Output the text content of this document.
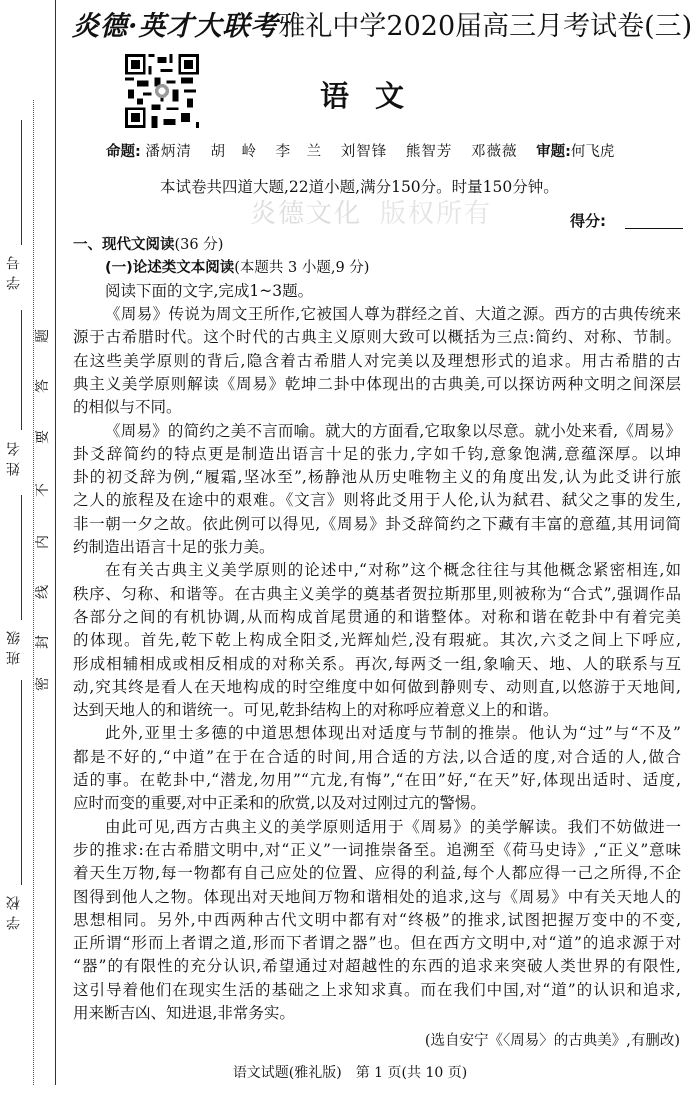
学号
姓名
班级
学校
题
答
要
不
内
线
封
密
炎德·英才大联考雅礼中学2020届高三月考试卷(三)
语文
命题: 潘炳清 胡　岭 李　兰 刘智锋 熊智芳 邓薇薇 审题:何飞虎
本试卷共四道大题,22道小题,满分150分。时量150分钟。
炎德文化 版权所有	得分:
一、现代文阅读(36 分)
(一)论述类文本阅读(本题共 3 小题,9 分)
阅读下面的文字,完成1~3题。
《周易》传说为周文王所作,它被国人尊为群经之首、大道之源。西方的古典传统来
源于古希腊时代。这个时代的古典主义原则大致可以概括为三点:简约、对称、节制。
在这些美学原则的背后,隐含着古希腊人对完美以及理想形式的追求。用古希腊的古
典主义美学原则解读《周易》乾坤二卦中体现出的古典美,可以探访两种文明之间深层
的相似与不同。
《周易》的简约之美不言而喻。就大的方面看,它取象以尽意。就小处来看,《周易》
卦爻辞简约的特点更是制造出语言十足的张力,字如千钧,意象饱满,意蕴深厚。以坤
卦的初爻辞为例,“履霜,坚冰至”,杨静池从历史唯物主义的角度出发,认为此爻讲行旅
之人的旅程及在途中的艰难。《文言》则将此爻用于人伦,认为弑君、弑父之事的发生,
非一朝一夕之故。依此例可以得见,《周易》卦爻辞简约之下藏有丰富的意蕴,其用词简
约制造出语言十足的张力美。
在有关古典主义美学原则的论述中,“对称”这个概念往往与其他概念紧密相连,如
秩序、匀称、和谐等。在古典主义美学的奠基者贺拉斯那里,则被称为“合式”,强调作品
各部分之间的有机协调,从而构成首尾贯通的和谐整体。对称和谐在乾卦中有着完美
的体现。首先,乾下乾上构成全阳爻,光辉灿烂,没有瑕疵。其次,六爻之间上下呼应,
形成相辅相成或相反相成的对称关系。再次,每两爻一组,象喻天、地、人的联系与互
动,究其终是看人在天地构成的时空维度中如何做到静则专、动则直,以悠游于天地间,
达到天地人的和谐统一。可见,乾卦结构上的对称呼应着意义上的和谐。
此外,亚里士多德的中道思想体现出对适度与节制的推崇。他认为“过”与“不及”
都是不好的,“中道”在于在合适的时间,用合适的方法,以合适的度,对合适的人,做合
适的事。在乾卦中,“潜龙,勿用”“亢龙,有悔”,“在田”好,“在天”好,体现出适时、适度,
应时而变的重要,对中正柔和的欣赏,以及对过刚过亢的警惕。
由此可见,西方古典主义的美学原则适用于《周易》的美学解读。我们不妨做进一
步的推求:在古希腊文明中,对“正义”一词推崇备至。追溯至《荷马史诗》,“正义”意味
着天生万物,每一物都有自己应处的位置、应得的利益,每个人都应得一己之所得,不企
图得到他人之物。体现出对天地间万物和谐相处的追求,这与《周易》中有关天地人的
思想相同。另外,中西两种古代文明中都有对“终极”的推求,试图把握万变中的不变,
正所谓“形而上者谓之道,形而下者谓之器”也。但在西方文明中,对“道”的追求源于对
“器”的有限性的充分认识,希望通过对超越性的东西的追求来突破人类世界的有限性,
这引导着他们在现实生活的基础之上求知求真。而在我们中国,对“道”的认识和追求,
用来断吉凶、知进退,非常务实。
(选自安宁《〈周易〉的古典美》,有删改)
语文试题(雅礼版)　第 1 页(共 10 页)
